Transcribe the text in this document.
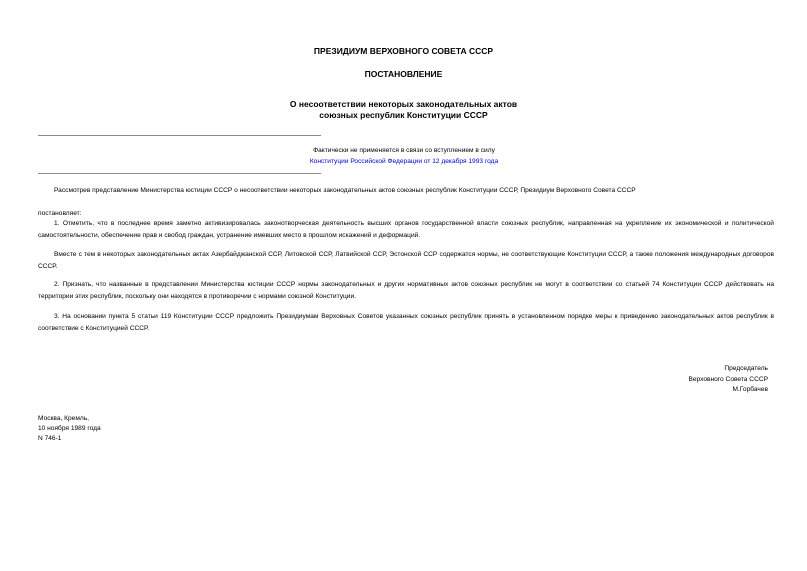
ПРЕЗИДИУМ ВЕРХОВНОГО СОВЕТА СССР
ПОСТАНОВЛЕНИЕ
О несоответствии некоторых законодательных актов
союзных республик Конституции СССР
Фактически не применяется в связи со вступлением в силу
Конституции Российской Федерации от 12 декабря 1993 года

Рассмотрев представление Министерства юстиции СССР о несоответствии некоторых законодательных актов союзных республик Конституции СССР, Президиум Верховного Совета СССР

постановляет:

1. Отметить, что в последнее время заметно активизировалась законотворческая деятельность высших органов государственной власти союзных республик, направленная на укрепление их экономической и политической самостоятельности, обеспечение прав и свобод граждан, устранение имевших место в прошлом искажений и деформаций.

Вместе с тем в некоторых законодательных актах Азербайджанской ССР, Литовской ССР, Латвийской ССР, Эстонской ССР содержатся нормы, не соответствующие Конституции СССР, а также положения международных договоров СССР.

2. Признать, что названные в представлении Министерства юстиции СССР нормы законодательных и других нормативных актов союзных республик не могут в соответствии со статьей 74 Конституции СССР действовать на территории этих республик, поскольку они находятся в противоречии с нормами союзной Конституции.

3. На основании пункта 5 статьи 119 Конституции СССР предложить Президиумам Верховных Советов указанных союзных республик принять в установленном порядке меры к приведению законодательных актов республик в соответствие с Конституцией СССР.

Председатель
Верховного Совета СССР
М.Горбачев
Москва, Кремль,
10 ноября 1989 года
N 746-1
